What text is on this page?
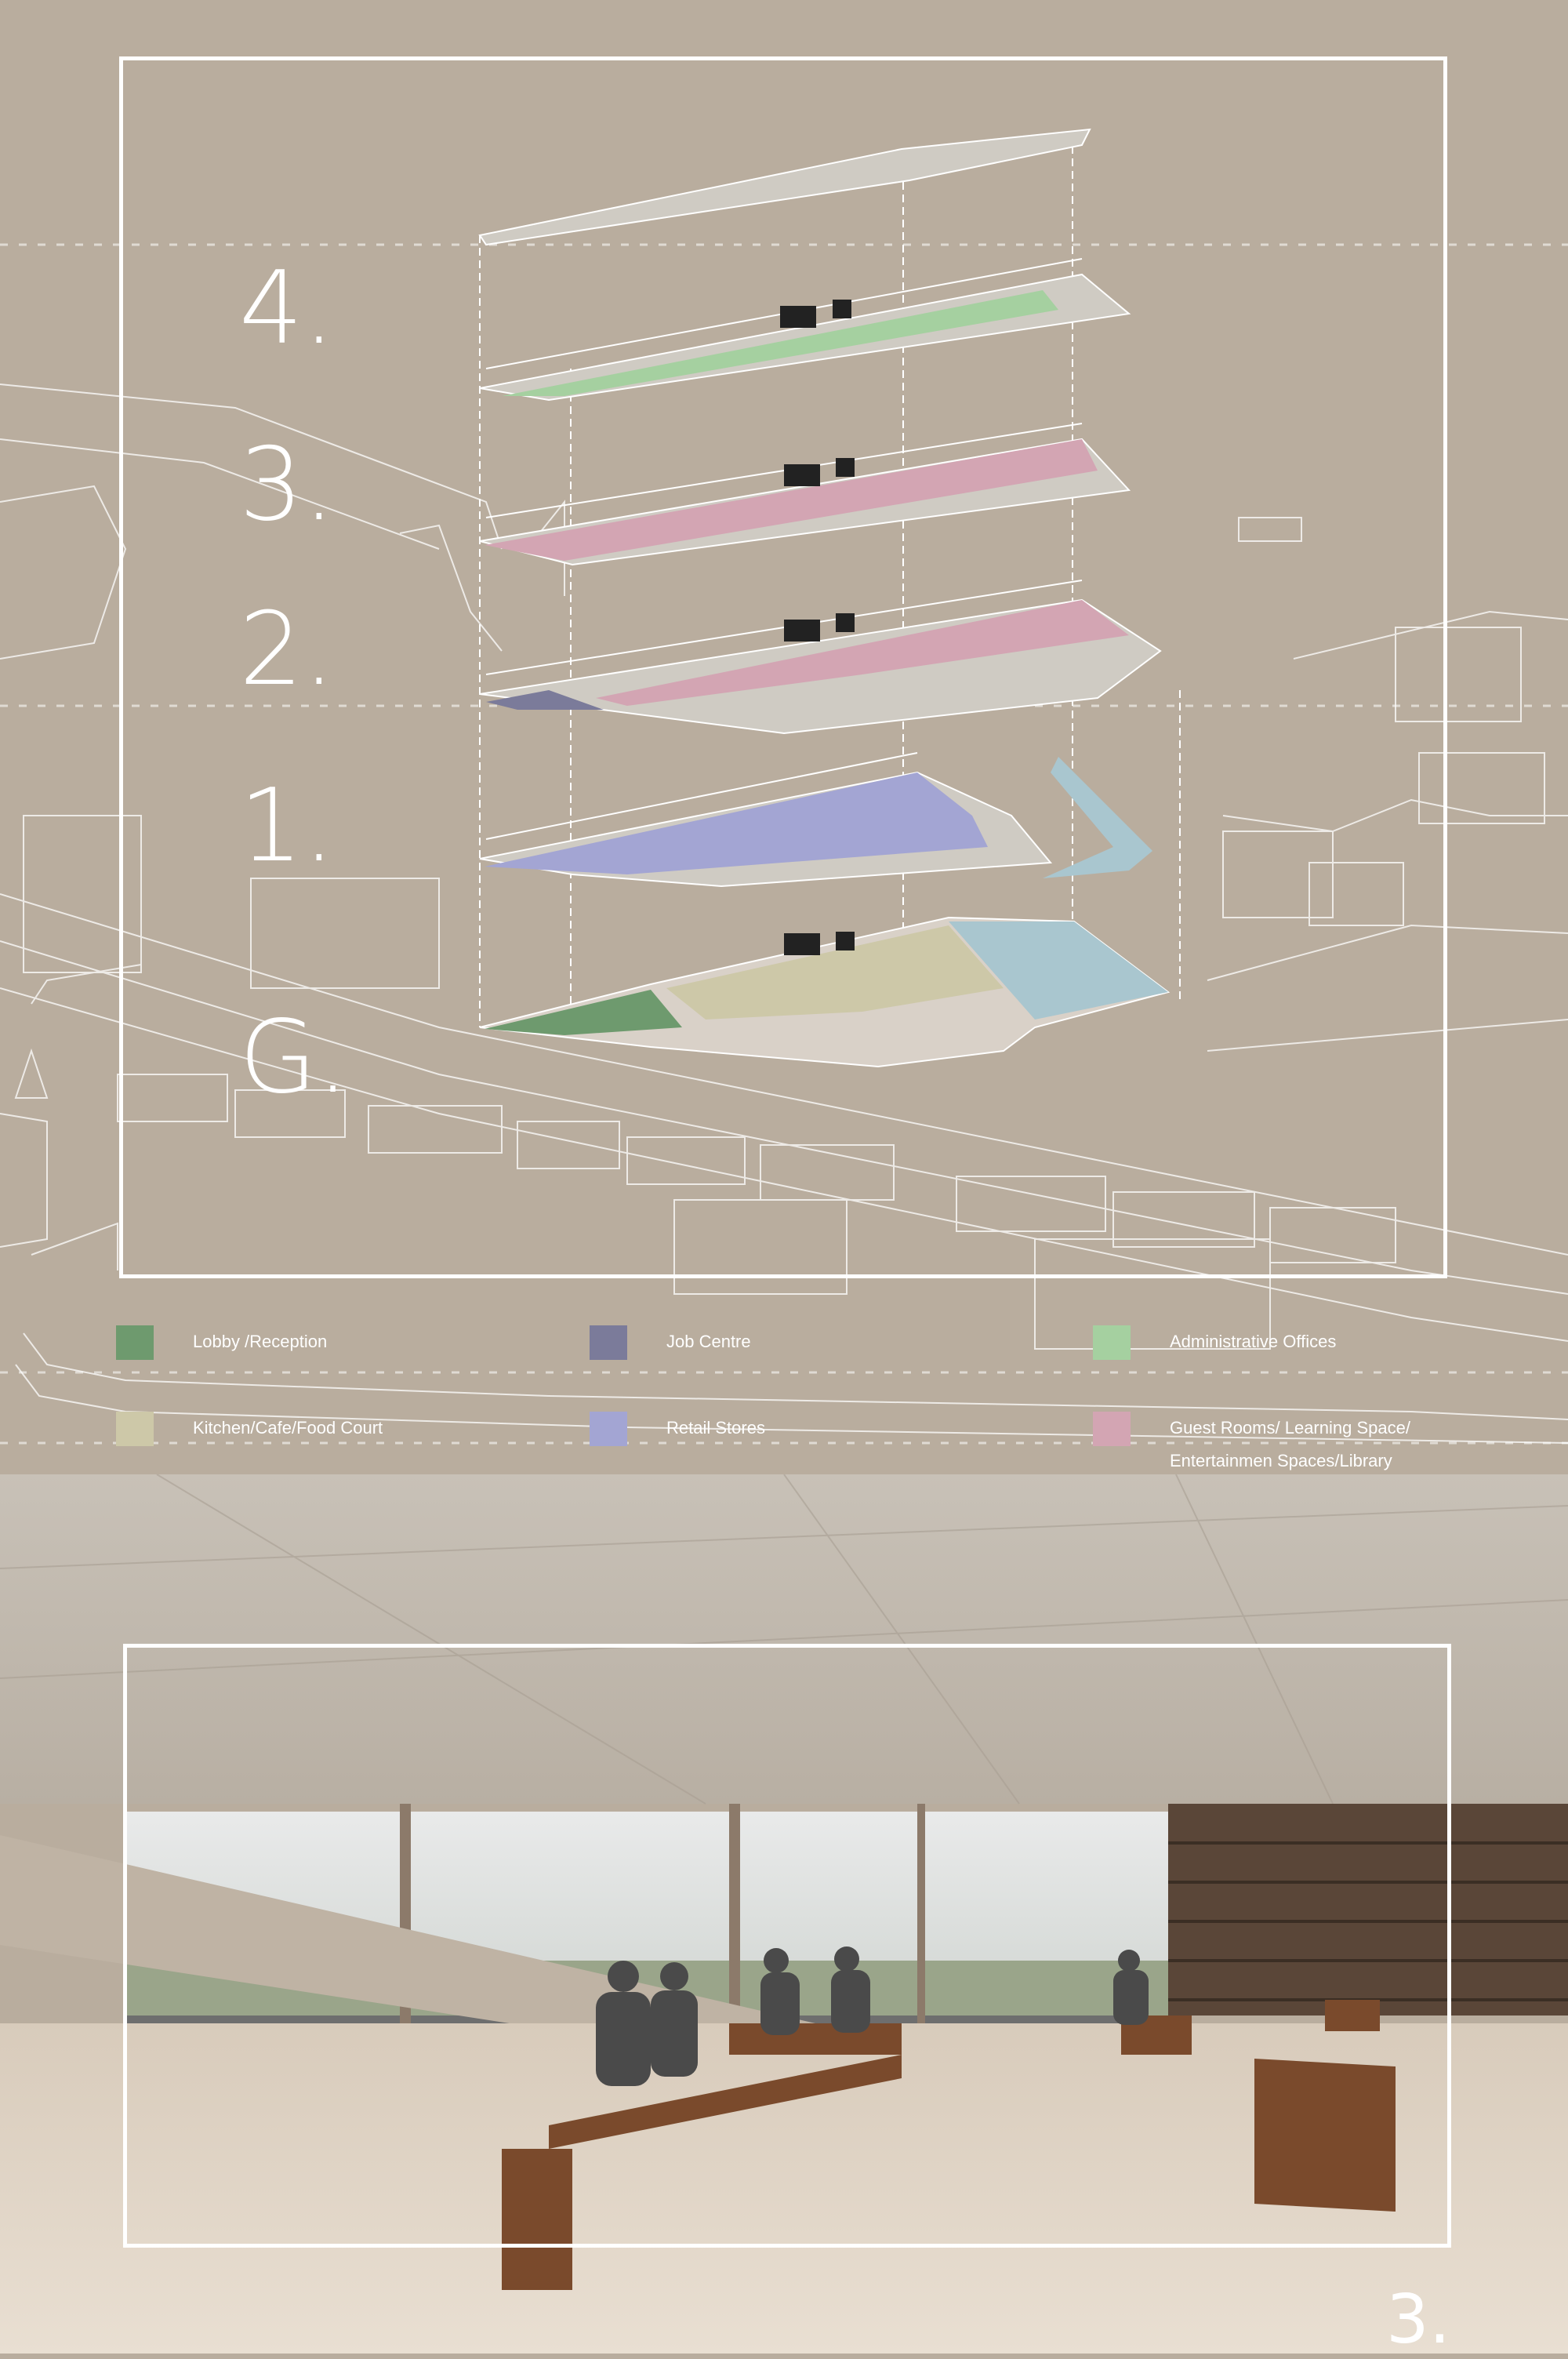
4.
3.
2.
1.
G.
Lobby /Reception	Job Centre	Administrative Offices
Kitchen/Cafe/Food Court	Retail Stores	Guest Rooms/ Learning Space/ Entertainmen Spaces/Library
3.
